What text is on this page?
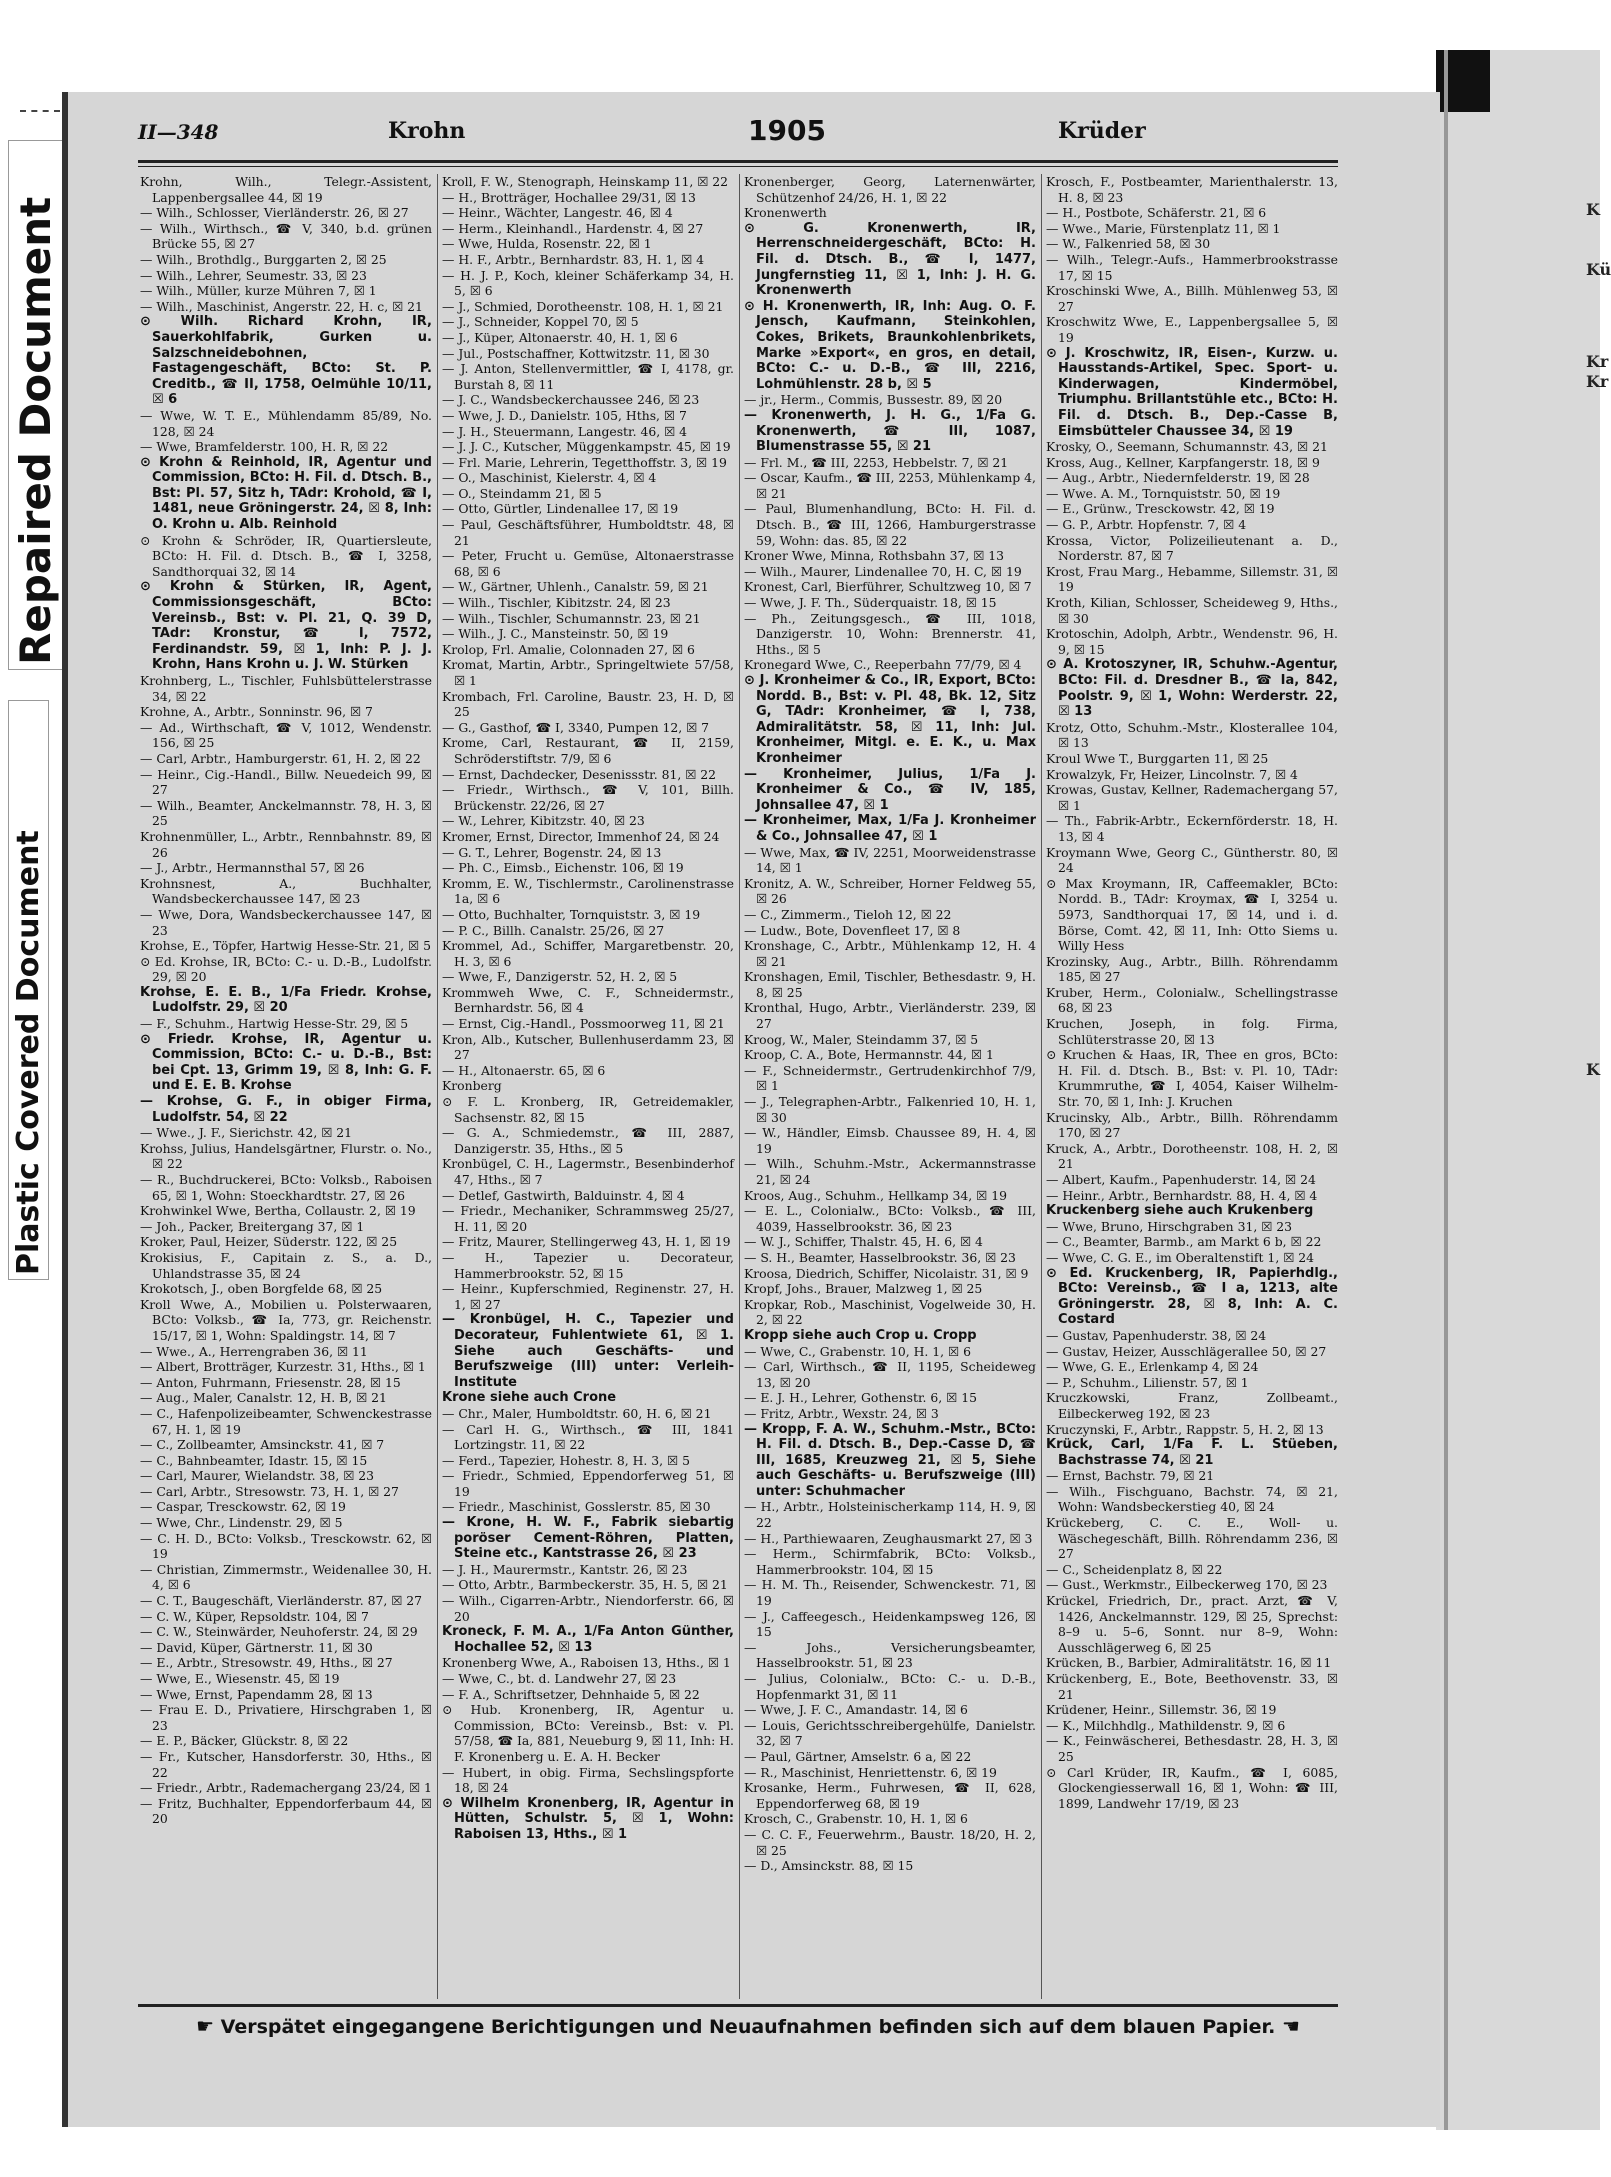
K
Kü
Kr
Kr
K
Repaired Document
Plastic Covered Document
II—348	Krohn	1905	Krüder

Krohn, Wilh., Telegr.-Assistent, Lappenbergsallee 44, ☒ 19

— Wilh., Schlosser, Vierländerstr. 26, ☒ 27

— Wilh., Wirthsch., ☎ V, 340, b.d. grünen Brücke 55, ☒ 27

— Wilh., Brothdlg., Burggarten 2, ☒ 25

— Wilh., Lehrer, Seumestr. 33, ☒ 23

— Wilh., Müller, kurze Mühren 7, ☒ 1

— Wilh., Maschinist, Angerstr. 22, H. c, ☒ 21

⊙ Wilh. Richard Krohn, IR, Sauerkohlfabrik, Gurken u. Salzschneidebohnen, Fastagengeschäft, BCto: St. P. Creditb., ☎ II, 1758, Oelmühle 10/11, ☒ 6

— Wwe, W. T. E., Mühlendamm 85/89, No. 128, ☒ 24

— Wwe, Bramfelderstr. 100, H. R, ☒ 22

⊙ Krohn & Reinhold, IR, Agentur und Commission, BCto: H. Fil. d. Dtsch. B., Bst: Pl. 57, Sitz h, TAdr: Krohold, ☎ I, 1481, neue Gröningerstr. 24, ☒ 8, Inh: O. Krohn u. Alb. Reinhold

⊙ Krohn & Schröder, IR, Quartiersleute, BCto: H. Fil. d. Dtsch. B., ☎ I, 3258, Sandthorquai 32, ☒ 14

⊙ Krohn & Stürken, IR, Agent, Commissionsgeschäft, BCto: Vereinsb., Bst: v. Pl. 21, Q. 39 D, TAdr: Kronstur, ☎ I, 7572, Ferdinandstr. 59, ☒ 1, Inh: P. J. J. Krohn, Hans Krohn u. J. W. Stürken

Krohnberg, L., Tischler, Fuhlsbüttelerstrasse 34, ☒ 22

Krohne, A., Arbtr., Sonninstr. 96, ☒ 7

— Ad., Wirthschaft, ☎ V, 1012, Wendenstr. 156, ☒ 25

— Carl, Arbtr., Hamburgerstr. 61, H. 2, ☒ 22

— Heinr., Cig.-Handl., Billw. Neuedeich 99, ☒ 27

— Wilh., Beamter, Anckelmannstr. 78, H. 3, ☒ 25

Krohnenmüller, L., Arbtr., Rennbahnstr. 89, ☒ 26

— J., Arbtr., Hermannsthal 57, ☒ 26

Krohnsnest, A., Buchhalter, Wandsbeckerchaussee 147, ☒ 23

— Wwe, Dora, Wandsbeckerchaussee 147, ☒ 23

Krohse, E., Töpfer, Hartwig Hesse-Str. 21, ☒ 5

⊙ Ed. Krohse, IR, BCto: C.- u. D.-B., Ludolfstr. 29, ☒ 20

Krohse, E. E. B., 1/Fa Friedr. Krohse, Ludolfstr. 29, ☒ 20

— F., Schuhm., Hartwig Hesse-Str. 29, ☒ 5

⊙ Friedr. Krohse, IR, Agentur u. Commission, BCto: C.- u. D.-B., Bst: bei Cpt. 13, Grimm 19, ☒ 8, Inh: G. F. und E. E. B. Krohse

— Krohse, G. F., in obiger Firma, Ludolfstr. 54, ☒ 22

— Wwe., J. F., Sierichstr. 42, ☒ 21

Krohss, Julius, Handelsgärtner, Flurstr. o. No., ☒ 22

— R., Buchdruckerei, BCto: Volksb., Raboisen 65, ☒ 1, Wohn: Stoeckhardtstr. 27, ☒ 26

Krohwinkel Wwe, Bertha, Collaustr. 2, ☒ 19

— Joh., Packer, Breitergang 37, ☒ 1

Kroker, Paul, Heizer, Süderstr. 122, ☒ 25

Krokisius, F., Capitain z. S., a. D., Uhlandstrasse 35, ☒ 24

Krokotsch, J., oben Borgfelde 68, ☒ 25

Kroll Wwe, A., Mobilien u. Polsterwaaren, BCto: Volksb., ☎ Ia, 773, gr. Reichenstr. 15/17, ☒ 1, Wohn: Spaldingstr. 14, ☒ 7

— Wwe., A., Herrengraben 36, ☒ 11

— Albert, Brotträger, Kurzestr. 31, Hths., ☒ 1

— Anton, Fuhrmann, Friesenstr. 28, ☒ 15

— Aug., Maler, Canalstr. 12, H. B, ☒ 21

— C., Hafenpolizeibeamter, Schwenckestrasse 67, H. 1, ☒ 19

— C., Zollbeamter, Amsinckstr. 41, ☒ 7

— C., Bahnbeamter, Idastr. 15, ☒ 15

— Carl, Maurer, Wielandstr. 38, ☒ 23

— Carl, Arbtr., Stresowstr. 73, H. 1, ☒ 27

— Caspar, Tresckowstr. 62, ☒ 19

— Wwe, Chr., Lindenstr. 29, ☒ 5

— C. H. D., BCto: Volksb., Tresckowstr. 62, ☒ 19

— Christian, Zimmermstr., Weidenallee 30, H. 4, ☒ 6

— C. T., Baugeschäft, Vierländerstr. 87, ☒ 27

— C. W., Küper, Repsoldstr. 104, ☒ 7

— C. W., Steinwärder, Neuhoferstr. 24, ☒ 29

— David, Küper, Gärtnerstr. 11, ☒ 30

— E., Arbtr., Stresowstr. 49, Hths., ☒ 27

— Wwe, E., Wiesenstr. 45, ☒ 19

— Wwe, Ernst, Papendamm 28, ☒ 13

— Frau E. D., Privatiere, Hirschgraben 1, ☒ 23

— E. P., Bäcker, Glückstr. 8, ☒ 22

— Fr., Kutscher, Hansdorferstr. 30, Hths., ☒ 22

— Friedr., Arbtr., Rademachergang 23/24, ☒ 1

— Fritz, Buchhalter, Eppendorferbaum 44, ☒ 20

Kroll, F. W., Stenograph, Heinskamp 11, ☒ 22

— H., Brotträger, Hochallee 29/31, ☒ 13

— Heinr., Wächter, Langestr. 46, ☒ 4

— Herm., Kleinhandl., Hardenstr. 4, ☒ 27

— Wwe, Hulda, Rosenstr. 22, ☒ 1

— H. F., Arbtr., Bernhardstr. 83, H. 1, ☒ 4

— H. J. P., Koch, kleiner Schäferkamp 34, H. 5, ☒ 6

— J., Schmied, Dorotheenstr. 108, H. 1, ☒ 21

— J., Schneider, Koppel 70, ☒ 5

— J., Küper, Altonaerstr. 40, H. 1, ☒ 6

— Jul., Postschaffner, Kottwitzstr. 11, ☒ 30

— J. Anton, Stellenvermittler, ☎ I, 4178, gr. Burstah 8, ☒ 11

— J. C., Wandsbeckerchaussee 246, ☒ 23

— Wwe, J. D., Danielstr. 105, Hths, ☒ 7

— J. H., Steuermann, Langestr. 46, ☒ 4

— J. J. C., Kutscher, Müggenkampstr. 45, ☒ 19

— Frl. Marie, Lehrerin, Tegetthoffstr. 3, ☒ 19

— O., Maschinist, Kielerstr. 4, ☒ 4

— O., Steindamm 21, ☒ 5

— Otto, Gürtler, Lindenallee 17, ☒ 19

— Paul, Geschäftsführer, Humboldtstr. 48, ☒ 21

— Peter, Frucht u. Gemüse, Altonaerstrasse 68, ☒ 6

— W., Gärtner, Uhlenh., Canalstr. 59, ☒ 21

— Wilh., Tischler, Kibitzstr. 24, ☒ 23

— Wilh., Tischler, Schumannstr. 23, ☒ 21

— Wilh., J. C., Mansteinstr. 50, ☒ 19

Krolop, Frl. Amalie, Colonnaden 27, ☒ 6

Kromat, Martin, Arbtr., Springeltwiete 57/58, ☒ 1

Krombach, Frl. Caroline, Baustr. 23, H. D, ☒ 25

— G., Gasthof, ☎ I, 3340, Pumpen 12, ☒ 7

Krome, Carl, Restaurant, ☎ II, 2159, Schröderstiftstr. 7/9, ☒ 6

— Ernst, Dachdecker, Desenissstr. 81, ☒ 22

— Friedr., Wirthsch., ☎ V, 101, Billh. Brückenstr. 22/26, ☒ 27

— W., Lehrer, Kibitzstr. 40, ☒ 23

Kromer, Ernst, Director, Immenhof 24, ☒ 24

— G. T., Lehrer, Bogenstr. 24, ☒ 13

— Ph. C., Eimsb., Eichenstr. 106, ☒ 19

Kromm, E. W., Tischlermstr., Carolinenstrasse 1a, ☒ 6

— Otto, Buchhalter, Tornquiststr. 3, ☒ 19

— P. C., Billh. Canalstr. 25/26, ☒ 27

Krommel, Ad., Schiffer, Margaretbenstr. 20, H. 3, ☒ 6

— Wwe, F., Danzigerstr. 52, H. 2, ☒ 5

Krommweh Wwe, C. F., Schneidermstr., Bernhardstr. 56, ☒ 4

— Ernst, Cig.-Handl., Possmoorweg 11, ☒ 21

Kron, Alb., Kutscher, Bullenhuserdamm 23, ☒ 27

— H., Altonaerstr. 65, ☒ 6

Kronberg

⊙ F. L. Kronberg, IR, Getreidemakler, Sachsenstr. 82, ☒ 15

— G. A., Schmiedemstr., ☎ III, 2887, Danzigerstr. 35, Hths., ☒ 5

Kronbügel, C. H., Lagermstr., Besenbinderhof 47, Hths., ☒ 7

— Detlef, Gastwirth, Balduinstr. 4, ☒ 4

— Friedr., Mechaniker, Schrammsweg 25/27, H. 11, ☒ 20

— Fritz, Maurer, Stellingerweg 43, H. 1, ☒ 19

— H., Tapezier u. Decorateur, Hammerbrookstr. 52, ☒ 15

— Heinr., Kupferschmied, Reginenstr. 27, H. 1, ☒ 27

— Kronbügel, H. C., Tapezier und Decorateur, Fuhlentwiete 61, ☒ 1. Siehe auch Geschäfts- und Berufszweige (III) unter: Verleih-Institute

Krone siehe auch Crone

— Chr., Maler, Humboldtstr. 60, H. 6, ☒ 21

— Carl H. G., Wirthsch., ☎ III, 1841 Lortzingstr. 11, ☒ 22

— Ferd., Tapezier, Hohestr. 8, H. 3, ☒ 5

— Friedr., Schmied, Eppendorferweg 51, ☒ 19

— Friedr., Maschinist, Gosslerstr. 85, ☒ 30

— Krone, H. W. F., Fabrik siebartig poröser Cement-Röhren, Platten, Steine etc., Kantstrasse 26, ☒ 23

— J. H., Maurermstr., Kantstr. 26, ☒ 23

— Otto, Arbtr., Barmbeckerstr. 35, H. 5, ☒ 21

— Wilh., Cigarren-Arbtr., Niendorferstr. 66, ☒ 20

Kroneck, F. M. A., 1/Fa Anton Günther, Hochallee 52, ☒ 13

Kronenberg Wwe, A., Raboisen 13, Hths., ☒ 1

— Wwe, C., bt. d. Landwehr 27, ☒ 23

— F. A., Schriftsetzer, Dehnhaide 5, ☒ 22

⊙ Hub. Kronenberg, IR, Agentur u. Commission, BCto: Vereinsb., Bst: v. Pl. 57/58, ☎ Ia, 881, Neueburg 9, ☒ 11, Inh: H. F. Kronenberg u. E. A. H. Becker

— Hubert, in obig. Firma, Sechslingspforte 18, ☒ 24

⊙ Wilhelm Kronenberg, IR, Agentur in Hütten, Schulstr. 5, ☒ 1, Wohn: Raboisen 13, Hths., ☒ 1

Kronenberger, Georg, Laternenwärter, Schützenhof 24/26, H. 1, ☒ 22

Kronenwerth

⊙ G. Kronenwerth, IR, Herrenschneidergeschäft, BCto: H. Fil. d. Dtsch. B., ☎ I, 1477, Jungfernstieg 11, ☒ 1, Inh: J. H. G. Kronenwerth

⊙ H. Kronenwerth, IR, Inh: Aug. O. F. Jensch, Kaufmann, Steinkohlen, Cokes, Brikets, Braunkohlenbrikets, Marke »Export«, en gros, en detail, BCto: C.- u. D.-B., ☎ III, 2216, Lohmühlenstr. 28 b, ☒ 5

— jr., Herm., Commis, Bussestr. 89, ☒ 20

— Kronenwerth, J. H. G., 1/Fa G. Kronenwerth, ☎ III, 1087, Blumenstrasse 55, ☒ 21

— Frl. M., ☎ III, 2253, Hebbelstr. 7, ☒ 21

— Oscar, Kaufm., ☎ III, 2253, Mühlenkamp 4, ☒ 21

— Paul, Blumenhandlung, BCto: H. Fil. d. Dtsch. B., ☎ III, 1266, Hamburgerstrasse 59, Wohn: das. 85, ☒ 22

Kroner Wwe, Minna, Rothsbahn 37, ☒ 13

— Wilh., Maurer, Lindenallee 70, H. C, ☒ 19

Kronest, Carl, Bierführer, Schultzweg 10, ☒ 7

— Wwe, J. F. Th., Süderquaistr. 18, ☒ 15

— Ph., Zeitungsgesch., ☎ III, 1018, Danzigerstr. 10, Wohn: Brennerstr. 41, Hths., ☒ 5

Kronegard Wwe, C., Reeperbahn 77/79, ☒ 4

⊙ J. Kronheimer & Co., IR, Export, BCto: Nordd. B., Bst: v. Pl. 48, Bk. 12, Sitz G, TAdr: Kronheimer, ☎ I, 738, Admiralitätstr. 58, ☒ 11, Inh: Jul. Kronheimer, Mitgl. e. E. K., u. Max Kronheimer

— Kronheimer, Julius, 1/Fa J. Kronheimer & Co., ☎ IV, 185, Johnsallee 47, ☒ 1

— Kronheimer, Max, 1/Fa J. Kronheimer & Co., Johnsallee 47, ☒ 1

— Wwe, Max, ☎ IV, 2251, Moorweidenstrasse 14, ☒ 1

Kronitz, A. W., Schreiber, Horner Feldweg 55, ☒ 26

— C., Zimmerm., Tieloh 12, ☒ 22

— Ludw., Bote, Dovenfleet 17, ☒ 8

Kronshage, C., Arbtr., Mühlenkamp 12, H. 4 ☒ 21

Kronshagen, Emil, Tischler, Bethesdastr. 9, H. 8, ☒ 25

Kronthal, Hugo, Arbtr., Vierländerstr. 239, ☒ 27

Kroog, W., Maler, Steindamm 37, ☒ 5

Kroop, C. A., Bote, Hermannstr. 44, ☒ 1

— F., Schneidermstr., Gertrudenkirchhof 7/9, ☒ 1

— J., Telegraphen-Arbtr., Falkenried 10, H. 1, ☒ 30

— W., Händler, Eimsb. Chaussee 89, H. 4, ☒ 19

— Wilh., Schuhm.-Mstr., Ackermannstrasse 21, ☒ 24

Kroos, Aug., Schuhm., Hellkamp 34, ☒ 19

— E. L., Colonialw., BCto: Volksb., ☎ III, 4039, Hasselbrookstr. 36, ☒ 23

— W. J., Schiffer, Thalstr. 45, H. 6, ☒ 4

— S. H., Beamter, Hasselbrookstr. 36, ☒ 23

Kroosa, Diedrich, Schiffer, Nicolaistr. 31, ☒ 9

Kropf, Johs., Brauer, Malzweg 1, ☒ 25

Kropkar, Rob., Maschinist, Vogelweide 30, H. 2, ☒ 22

Kropp siehe auch Crop u. Cropp

— Wwe, C., Grabenstr. 10, H. 1, ☒ 6

— Carl, Wirthsch., ☎ II, 1195, Scheideweg 13, ☒ 20

— E. J. H., Lehrer, Gothenstr. 6, ☒ 15

— Fritz, Arbtr., Wexstr. 24, ☒ 3

— Kropp, F. A. W., Schuhm.-Mstr., BCto: H. Fil. d. Dtsch. B., Dep.-Casse D, ☎ III, 1685, Kreuzweg 21, ☒ 5, Siehe auch Geschäfts- u. Berufszweige (III) unter: Schuhmacher

— H., Arbtr., Holsteinischerkamp 114, H. 9, ☒ 22

— H., Parthiewaaren, Zeughausmarkt 27, ☒ 3

— Herm., Schirmfabrik, BCto: Volksb., Hammerbrookstr. 104, ☒ 15

— H. M. Th., Reisender, Schwenckestr. 71, ☒ 19

— J., Caffeegesch., Heidenkampsweg 126, ☒ 15

— Johs., Versicherungsbeamter, Hasselbrookstr. 51, ☒ 23

— Julius, Colonialw., BCto: C.- u. D.-B., Hopfenmarkt 31, ☒ 11

— Wwe, J. F. C., Amandastr. 14, ☒ 6

— Louis, Gerichtsschreibergehülfe, Danielstr. 32, ☒ 7

— Paul, Gärtner, Amselstr. 6 a, ☒ 22

— R., Maschinist, Henriettenstr. 6, ☒ 19

Krosanke, Herm., Fuhrwesen, ☎ II, 628, Eppendorferweg 68, ☒ 19

Krosch, C., Grabenstr. 10, H. 1, ☒ 6

— C. C. F., Feuerwehrm., Baustr. 18/20, H. 2, ☒ 25

— D., Amsinckstr. 88, ☒ 15

Krosch, F., Postbeamter, Marienthalerstr. 13, H. 8, ☒ 23

— H., Postbote, Schäferstr. 21, ☒ 6

— Wwe., Marie, Fürstenplatz 11, ☒ 1

— W., Falkenried 58, ☒ 30

— Wilh., Telegr.-Aufs., Hammerbrookstrasse 17, ☒ 15

Kroschinski Wwe, A., Billh. Mühlenweg 53, ☒ 27

Kroschwitz Wwe, E., Lappenbergsallee 5, ☒ 19

⊙ J. Kroschwitz, IR, Eisen-, Kurzw. u. Hausstands-Artikel, Spec. Sport- u. Kinderwagen, Kindermöbel, Triumphu. Brillantstühle etc., BCto: H. Fil. d. Dtsch. B., Dep.-Casse B, Eimsbütteler Chaussee 34, ☒ 19

Krosky, O., Seemann, Schumannstr. 43, ☒ 21

Kross, Aug., Kellner, Karpfangerstr. 18, ☒ 9

— Aug., Arbtr., Niedernfelderstr. 19, ☒ 28

— Wwe. A. M., Tornquiststr. 50, ☒ 19

— E., Grünw., Tresckowstr. 42, ☒ 19

— G. P., Arbtr. Hopfenstr. 7, ☒ 4

Krossa, Victor, Polizeilieutenant a. D., Norderstr. 87, ☒ 7

Krost, Frau Marg., Hebamme, Sillemstr. 31, ☒ 19

Kroth, Kilian, Schlosser, Scheideweg 9, Hths., ☒ 30

Krotoschin, Adolph, Arbtr., Wendenstr. 96, H. 9, ☒ 15

⊙ A. Krotoszyner, IR, Schuhw.-Agentur, BCto: Fil. d. Dresdner B., ☎ Ia, 842, Poolstr. 9, ☒ 1, Wohn: Werderstr. 22, ☒ 13

Krotz, Otto, Schuhm.-Mstr., Klosterallee 104, ☒ 13

Kroul Wwe T., Burggarten 11, ☒ 25

Krowalzyk, Fr, Heizer, Lincolnstr. 7, ☒ 4

Krowas, Gustav, Kellner, Rademachergang 57, ☒ 1

— Th., Fabrik-Arbtr., Eckernförderstr. 18, H. 13, ☒ 4

Kroymann Wwe, Georg C., Güntherstr. 80, ☒ 24

⊙ Max Kroymann, IR, Caffeemakler, BCto: Nordd. B., TAdr: Kroymax, ☎ I, 3254 u. 5973, Sandthorquai 17, ☒ 14, und i. d. Börse, Comt. 42, ☒ 11, Inh: Otto Siems u. Willy Hess

Krozinsky, Aug., Arbtr., Billh. Röhrendamm 185, ☒ 27

Kruber, Herm., Colonialw., Schellingstrasse 68, ☒ 23

Kruchen, Joseph, in folg. Firma, Schlüterstrasse 20, ☒ 13

⊙ Kruchen & Haas, IR, Thee en gros, BCto: H. Fil. d. Dtsch. B., Bst: v. Pl. 10, TAdr: Krummruthe, ☎ I, 4054, Kaiser Wilhelm-Str. 70, ☒ 1, Inh: J. Kruchen

Krucinsky, Alb., Arbtr., Billh. Röhrendamm 170, ☒ 27

Kruck, A., Arbtr., Dorotheenstr. 108, H. 2, ☒ 21

— Albert, Kaufm., Papenhuderstr. 14, ☒ 24

— Heinr., Arbtr., Bernhardstr. 88, H. 4, ☒ 4

Kruckenberg siehe auch Krukenberg

— Wwe, Bruno, Hirschgraben 31, ☒ 23

— C., Beamter, Barmb., am Markt 6 b, ☒ 22

— Wwe, C. G. E., im Oberaltenstift 1, ☒ 24

⊙ Ed. Kruckenberg, IR, Papierhdlg., BCto: Vereinsb., ☎ I a, 1213, alte Gröningerstr. 28, ☒ 8, Inh: A. C. Costard

— Gustav, Papenhuderstr. 38, ☒ 24

— Gustav, Heizer, Ausschlägerallee 50, ☒ 27

— Wwe, G. E., Erlenkamp 4, ☒ 24

— P., Schuhm., Lilienstr. 57, ☒ 1

Kruczkowski, Franz, Zollbeamt., Eilbeckerweg 192, ☒ 23

Kruczynski, F., Arbtr., Rappstr. 5, H. 2, ☒ 13

Krück, Carl, 1/Fa F. L. Stüeben, Bachstrasse 74, ☒ 21

— Ernst, Bachstr. 79, ☒ 21

— Wilh., Fischguano, Bachstr. 74, ☒ 21, Wohn: Wandsbeckerstieg 40, ☒ 24

Krückeberg, C. C. E., Woll- u. Wäschegeschäft, Billh. Röhrendamm 236, ☒ 27

— C., Scheidenplatz 8, ☒ 22

— Gust., Werkmstr., Eilbeckerweg 170, ☒ 23

Krückel, Friedrich, Dr., pract. Arzt, ☎ V, 1426, Anckelmannstr. 129, ☒ 25, Sprechst: 8–9 u. 5–6, Sonnt. nur 8–9, Wohn: Ausschlägerweg 6, ☒ 25

Krücken, B., Barbier, Admiralitätstr. 16, ☒ 11

Krückenberg, E., Bote, Beethovenstr. 33, ☒ 21

Krüdener, Heinr., Sillemstr. 36, ☒ 19

— K., Milchhdlg., Mathildenstr. 9, ☒ 6

— K., Feinwäscherei, Bethesdastr. 28, H. 3, ☒ 25

⊙ Carl Krüder, IR, Kaufm., ☎ I, 6085, Glockengiesserwall 16, ☒ 1, Wohn: ☎ III, 1899, Landwehr 17/19, ☒ 23

☛ Verspätet eingegangene Berichtigungen und Neuaufnahmen befinden sich auf dem blauen Papier. ☚
